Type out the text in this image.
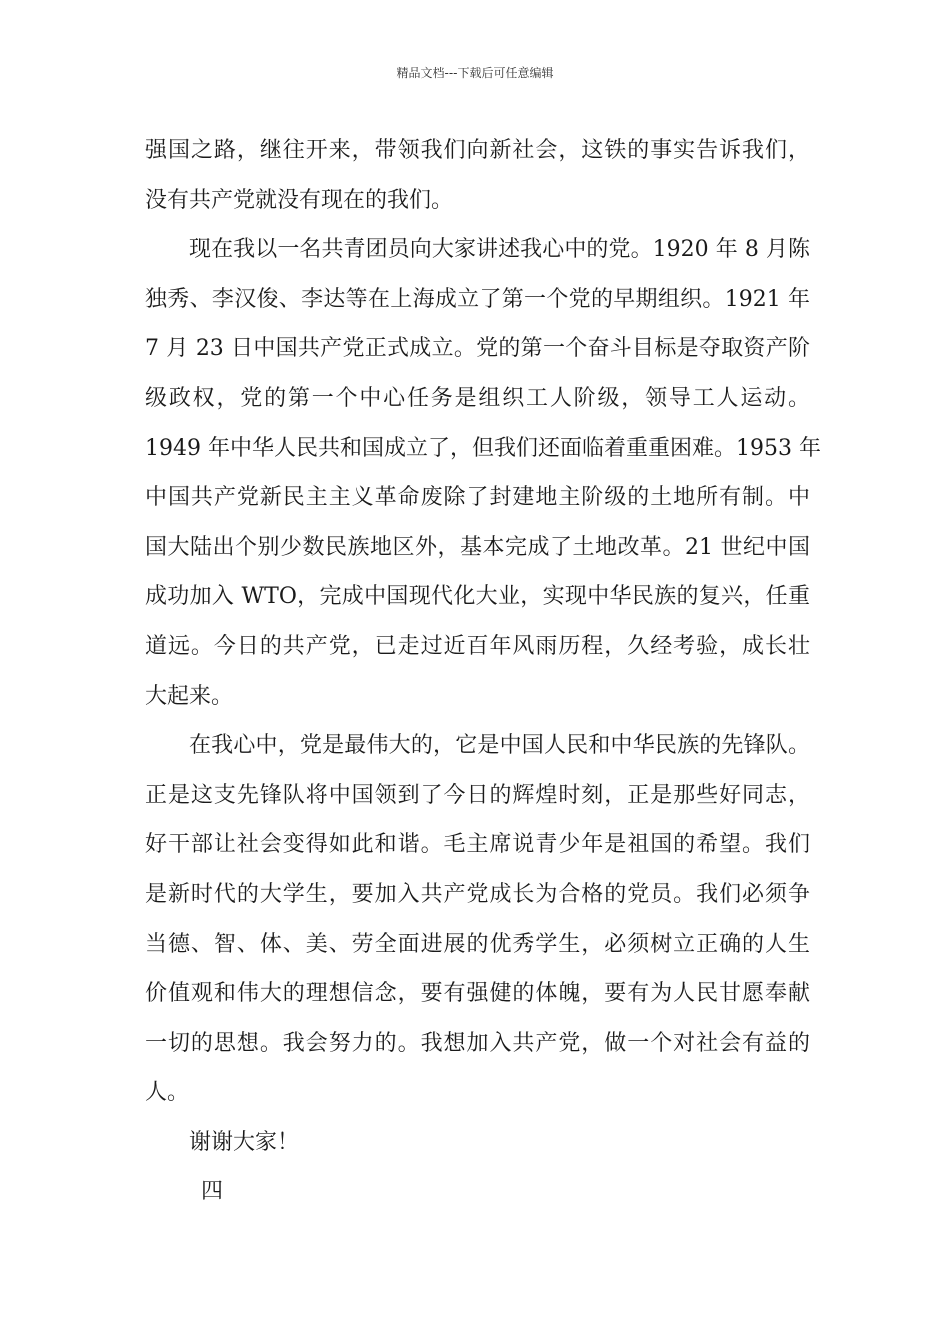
精品文档---下载后可任意编辑
强国之路，继往开来，带领我们向新社会，这铁的事实告诉我们，
没有共产党就没有现在的我们。
现在我以一名共青团员向大家讲述我心中的党。1920 年 8 月陈
独秀、李汉俊、李达等在上海成立了第一个党的早期组织。1921 年
7 月 23 日中国共产党正式成立。党的第一个奋斗目标是夺取资产阶
级政权，党的第一个中心任务是组织工人阶级，领导工人运动。
1949 年中华人民共和国成立了，但我们还面临着重重困难。1953 年
中国共产党新民主主义革命废除了封建地主阶级的土地所有制。中
国大陆出个别少数民族地区外，基本完成了土地改革。21 世纪中国
成功加入 WTO，完成中国现代化大业，实现中华民族的复兴，任重
道远。今日的共产党，已走过近百年风雨历程，久经考验，成长壮
大起来。
在我心中，党是最伟大的，它是中国人民和中华民族的先锋队。
正是这支先锋队将中国领到了今日的辉煌时刻，正是那些好同志，
好干部让社会变得如此和谐。毛主席说青少年是祖国的希望。我们
是新时代的大学生，要加入共产党成长为合格的党员。我们必须争
当德、智、体、美、劳全面进展的优秀学生，必须树立正确的人生
价值观和伟大的理想信念，要有强健的体魄，要有为人民甘愿奉献
一切的思想。我会努力的。我想加入共产党，做一个对社会有益的
人。
谢谢大家！
四
